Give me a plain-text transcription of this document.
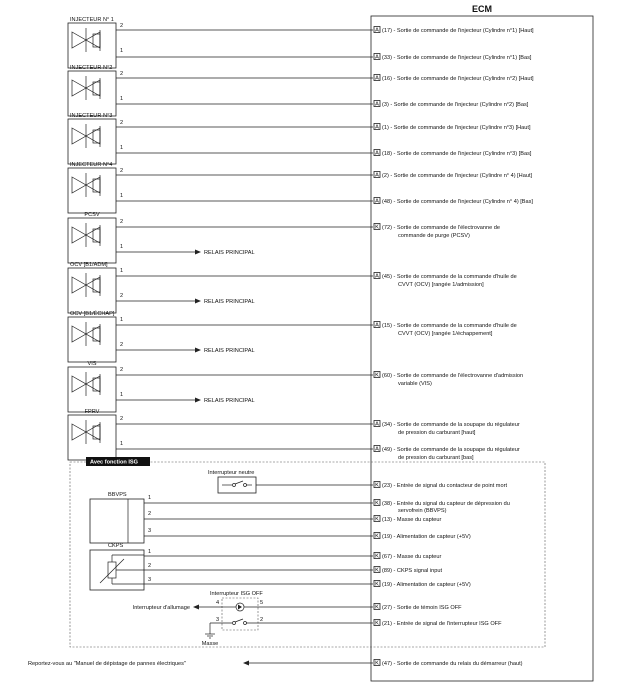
ECM
INJECTEUR N° 1
2
1
A (17) - Sortie de commande de l'injecteur (Cylindre n°1) [Haut]
A (33) - Sortie de commande de l'injecteur (Cylindre n°1) [Bas]
INJECTEUR N°2
2
1
A (16) - Sortie de commande de l'injecteur (Cylindre n°2) [Haut]
A (3) - Sortie de commande de l'injecteur (Cylindre n°2) [Bas]
INJECTEUR N°3
2
1
A (1) - Sortie de commande de l'injecteur (Cylindre n°3) [Haut]
A (18) - Sortie de commande de l'injecteur (Cylindre n°3) [Bas]
INJECTEUR N°4
2
1
A (2) - Sortie de commande de l'injecteur (Cylindre n° 4) [Haut]
A (48) - Sortie de commande de l'injecteur (Cylindre n° 4) [Bas]
PCSV
2
1
RELAIS PRINCIPAL
K (72) - Sortie de commande de l'électrovanne de
commande de purge (PCSV)
OCV [B1/ADM]
1
2
RELAIS PRINCIPAL
A (45) - Sortie de commande de la commande d'huile de
CVVT (OCV) [rangée 1/admission]
OCV [B1/ÉCHAP]
1
2
RELAIS PRINCIPAL
A (15) - Sortie de commande de la commande d'huile de
CVVT (OCV) [rangée 1/échappement]
VIS
2
1
RELAIS PRINCIPAL
K (60) - Sortie de commande de l'électrovanne d'admission
variable (VIS)
FPRV
2
1
A (34) - Sortie de commande de la soupape du régulateur
de pression du carburant [haut]
A (49) - Sortie de commande de la soupape du régulateur
de pression du carburant [bas]
Avec fonction ISG
Interrupteur neutre
K (23) - Entrée de signal du contacteur de point mort
BBVPS	1
2
3
K (38) - Entrée du signal du capteur de dépression du
servofrein (BBVPS)
K (13) - Masse du capteur
K (19) - Alimentation de capteur (+5V)
CKPS
1
2
3
K (67) - Masse du capteur
K (89) - CKPS signal input
K (19) - Alimentation de capteur (+5V)
Interrupteur ISG OFF
4	5
3	2
Interrupteur d'allumage
Masse
K (27) - Sortie de témoin ISG OFF
K (21) - Entrée de signal de l'interrupteur ISG OFF
Reportez-vous au "Manuel de dépistage de pannes électriques"	K (47) - Sortie de commande du relais du démarreur (haut)
